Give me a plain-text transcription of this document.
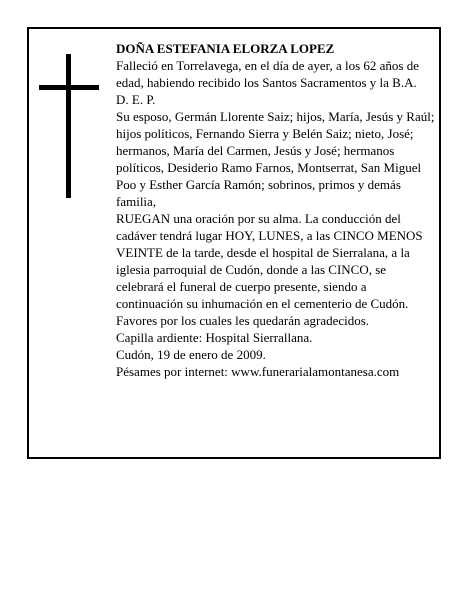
DOÑA ESTEFANIA ELORZA LOPEZ

Falleció en Torrelavega, en el día de ayer, a los 62 años de edad, habiendo recibido los Santos Sacramentos y la B.A.

D. E. P.

Su esposo, Germán Llorente Saiz; hijos, María, Jesús y Raúl; hijos políticos, Fernando Sierra y Belén Saiz; nieto, José; hermanos, María del Carmen, Jesús y José; hermanos políticos, Desiderio Ramo Farnos, Montserrat, San Miguel Poo y Esther García Ramón; sobrinos, primos y demás familia,

RUEGAN una oración por su alma. La conducción del cadáver tendrá lugar HOY, LUNES, a las CINCO MENOS VEINTE de la tarde, desde el hospital de Sierralana, a la iglesia parroquial de Cudón, donde a las CINCO, se celebrará el funeral de cuerpo presente, siendo a continuación su inhumación en el cementerio de Cudón. Favores por los cuales les quedarán agradecidos.

Capilla ardiente: Hospital Sierrallana.

Cudón, 19 de enero de 2009.

Pésames por internet: www.funerarialamontanesa.com
